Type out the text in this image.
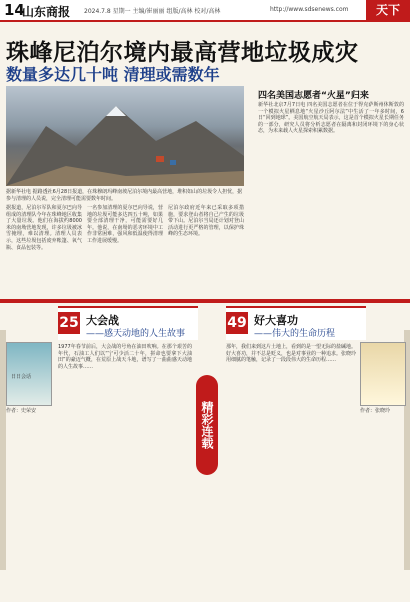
14
山东商报 2024.7.8 星期一 主编/崔丽丽 组版/高林 校对/高林	http://www.sdsenews.com	天下
珠峰尼泊尔境内最高营地垃圾成灾
数量多达几十吨 清理或需数年
据新华社电 据路透社6月28日报道，在珠穆朗玛峰南坡尼泊尔境内最高营地，堆积如山的垃圾令人担忧，据参与清理的人员说，完全清理可能需要数年时间。
据报道，尼泊尔军队和夏尔巴向导组成的清理队今年在珠峰地区收集了大量垃圾。他们在海拔约8000米的南坳营地发现，许多垃圾被冰雪掩埋，难以清理。清理人员表示，这些垃圾包括废弃帐篷、氧气瓶、食品包装等。
一名参加清理的夏尔巴向导说，营地的垃圾可能多达四五十吨，如果要全部清理干净，可能需要好几年。他说，在南坳的恶劣环境中工作非常困难，强风和低温使得清理工作进展缓慢。
尼泊尔政府近年来已采取多项措施，要求登山者将自己产生的垃圾带下山。尼泊尔当局还计划对登山活动进行更严格的管理，以保护珠峰的生态环境。
四名美国志愿者“火星”归来
新华社北京7月7日电 四名美国志愿者在位于得克萨斯州休斯敦的一个模拟火星栖息地“火星沙丘阿尔法”中生活了一年多时间，6日“回到地球”。美国航空航天局表示，这是首个模拟火星长期任务的一部分，研究人员将分析志愿者在隔离和封闭环境下的身心状态，为未来载人火星探索积累数据。
25 大会战
——感天动地的人生故事
49 好大喜功
——伟大的生命历程
日日会话
作者：史荣安	作者：张晓玲
1977年春节前后，大会战的号角在油田吹响。在那个艰苦的年代，石油工人们以“宁可少活二十年，拼命也要拿下大油田”的豪迈气概，在荒原上战天斗地，谱写了一曲曲感天动地的人生故事……
那年，我们来到这片土地上，看到的是一望无际的盐碱地。好大喜功，并不总是贬义，也是对事业的一种追求。张晓玲用细腻的笔触，记录了一段段伟大的生命历程……
精彩连载
